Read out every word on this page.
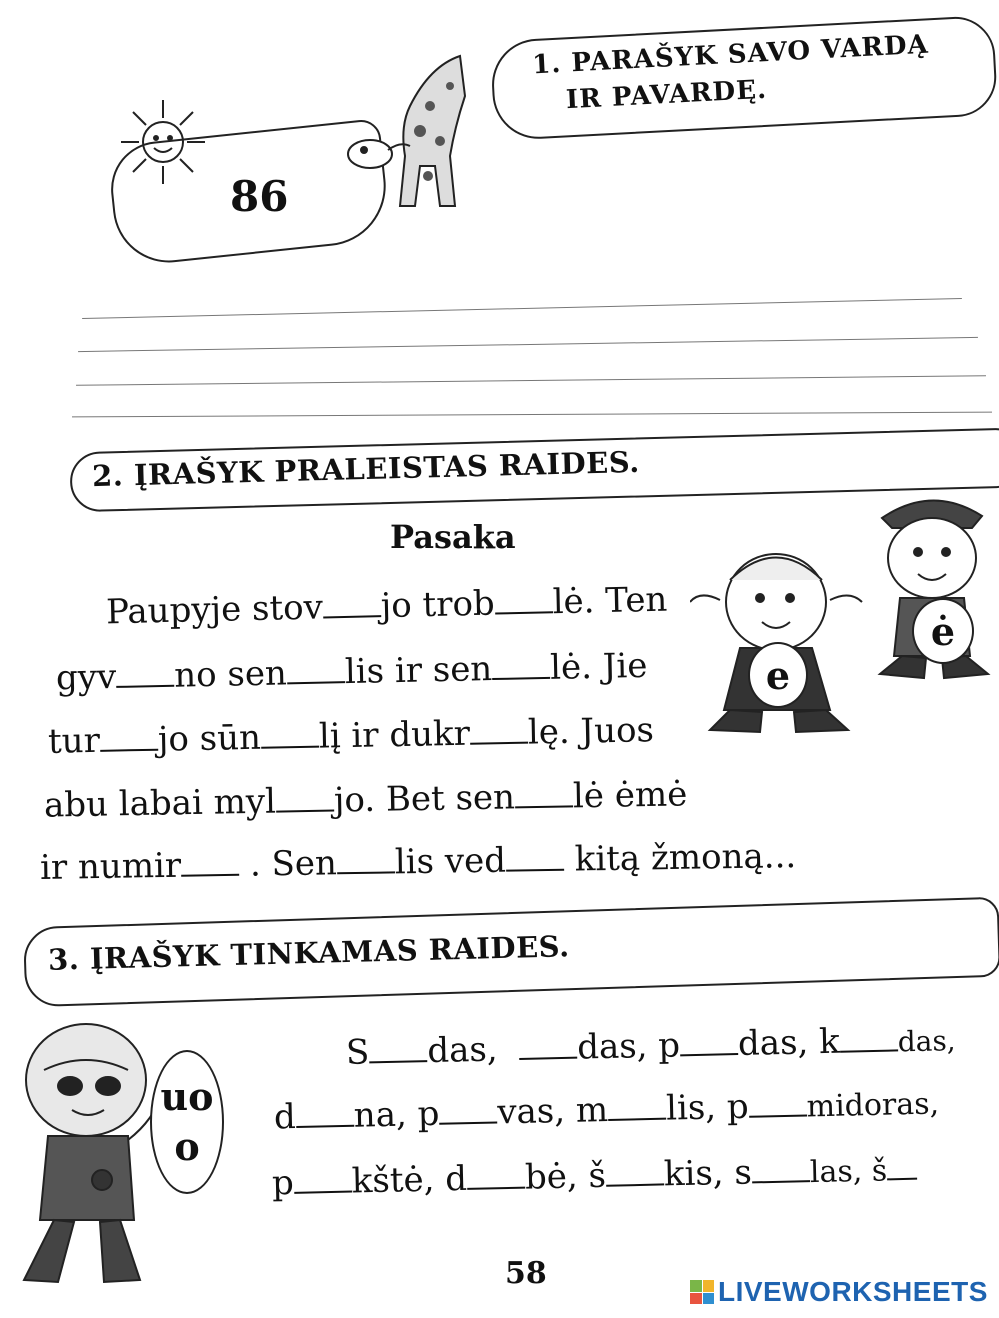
1. PARAŠYK SAVO VARDĄ
IR PAVARDĘ.
86
2. ĮRAŠYK PRALEISTAS RAIDES.
Pasaka
Paupyje stov jo trob lė. Ten
gyv no sen lis ir sen lė. Jie
tur jo sūn lį ir dukr lę. Juos
abu labai myl jo. Bet sen lė ėmė
ir numir . Sen lis ved kitą žmoną...
e
ė
3. ĮRAŠYK TINKAMAS RAIDES.
uo
o
S das, das, p das, k das,
d na, p vas, m lis, p midoras,
p kštė, d bė, š kis, s las, š
58
LIVEWORKSHEETS
